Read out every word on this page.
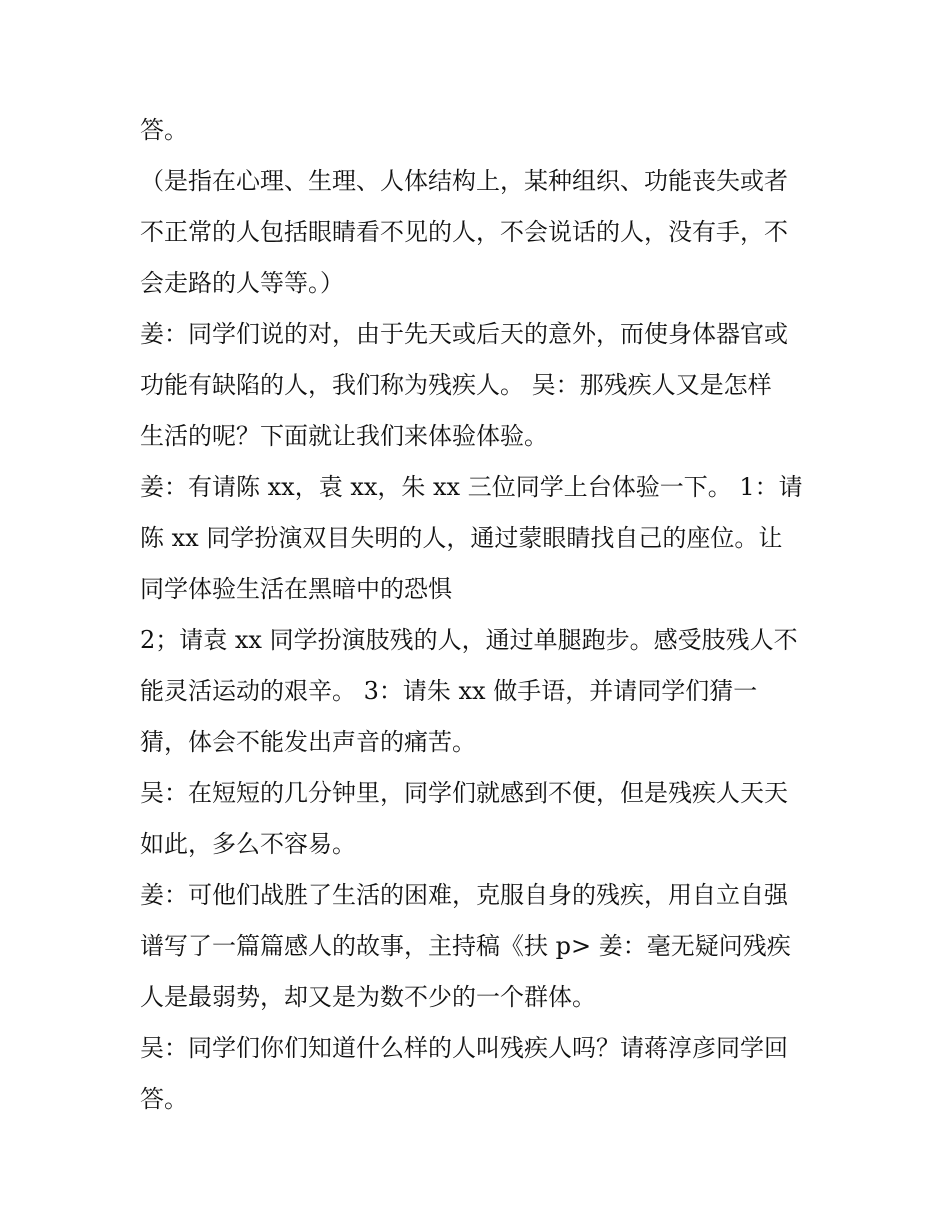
答。
（是指在心理、生理、人体结构上，某种组织、功能丧失或者
不正常的人包括眼睛看不见的人，不会说话的人，没有手，不
会走路的人等等。）
姜：同学们说的对，由于先天或后天的意外，而使身体器官或
功能有缺陷的人，我们称为残疾人。 吴：那残疾人又是怎样
生活的呢？下面就让我们来体验体验。
姜：有请陈 xx，袁 xx，朱 xx 三位同学上台体验一下。 1：请
陈 xx 同学扮演双目失明的人，通过蒙眼睛找自己的座位。让
同学体验生活在黑暗中的恐惧
2；请袁 xx 同学扮演肢残的人，通过单腿跑步。感受肢残人不
能灵活运动的艰辛。 3：请朱 xx 做手语，并请同学们猜一
猜，体会不能发出声音的痛苦。
吴：在短短的几分钟里，同学们就感到不便，但是残疾人天天
如此，多么不容易。
姜：可他们战胜了生活的困难，克服自身的残疾，用自立自强
谱写了一篇篇感人的故事，主持稿《扶 p> 姜：毫无疑问残疾
人是最弱势，却又是为数不少的一个群体。
吴：同学们你们知道什么样的人叫残疾人吗？请蒋淳彦同学回
答。
